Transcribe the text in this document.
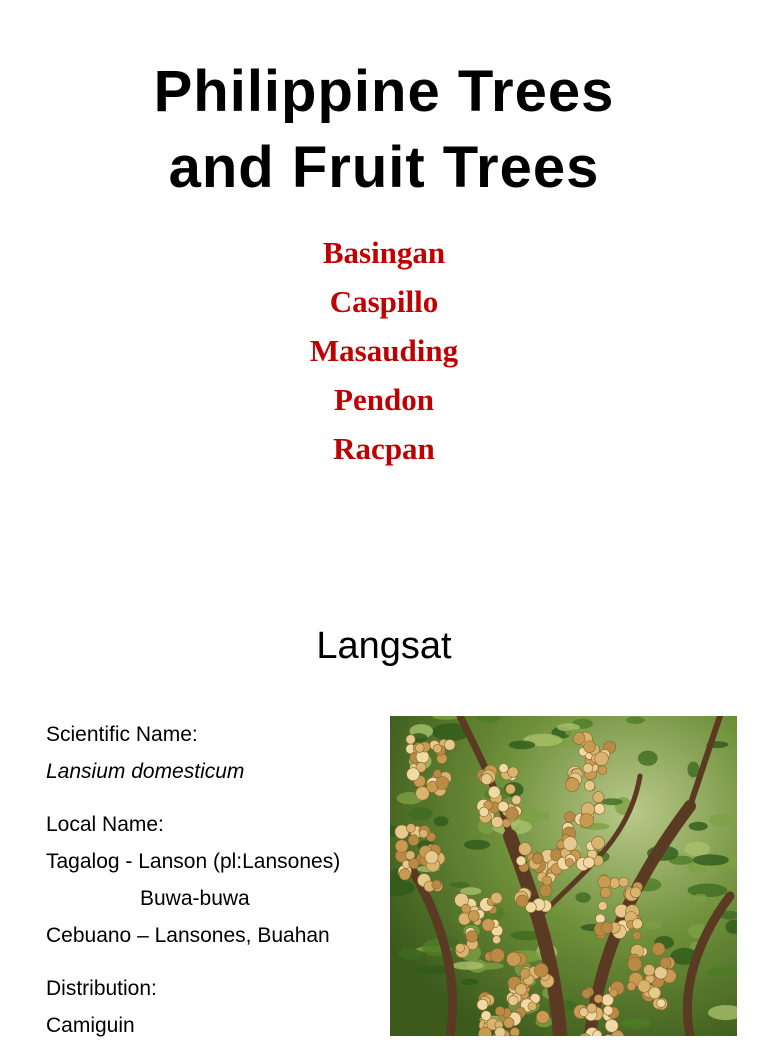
Philippine Trees
and Fruit Trees
Basingan
Caspillo
Masauding
Pendon
Racpan
Langsat
Scientific Name:
Lansium domesticum
Local Name:
Tagalog - Lanson (pl:Lansones)
Buwa-buwa
Cebuano – Lansones, Buahan
Distribution:
Camiguin
